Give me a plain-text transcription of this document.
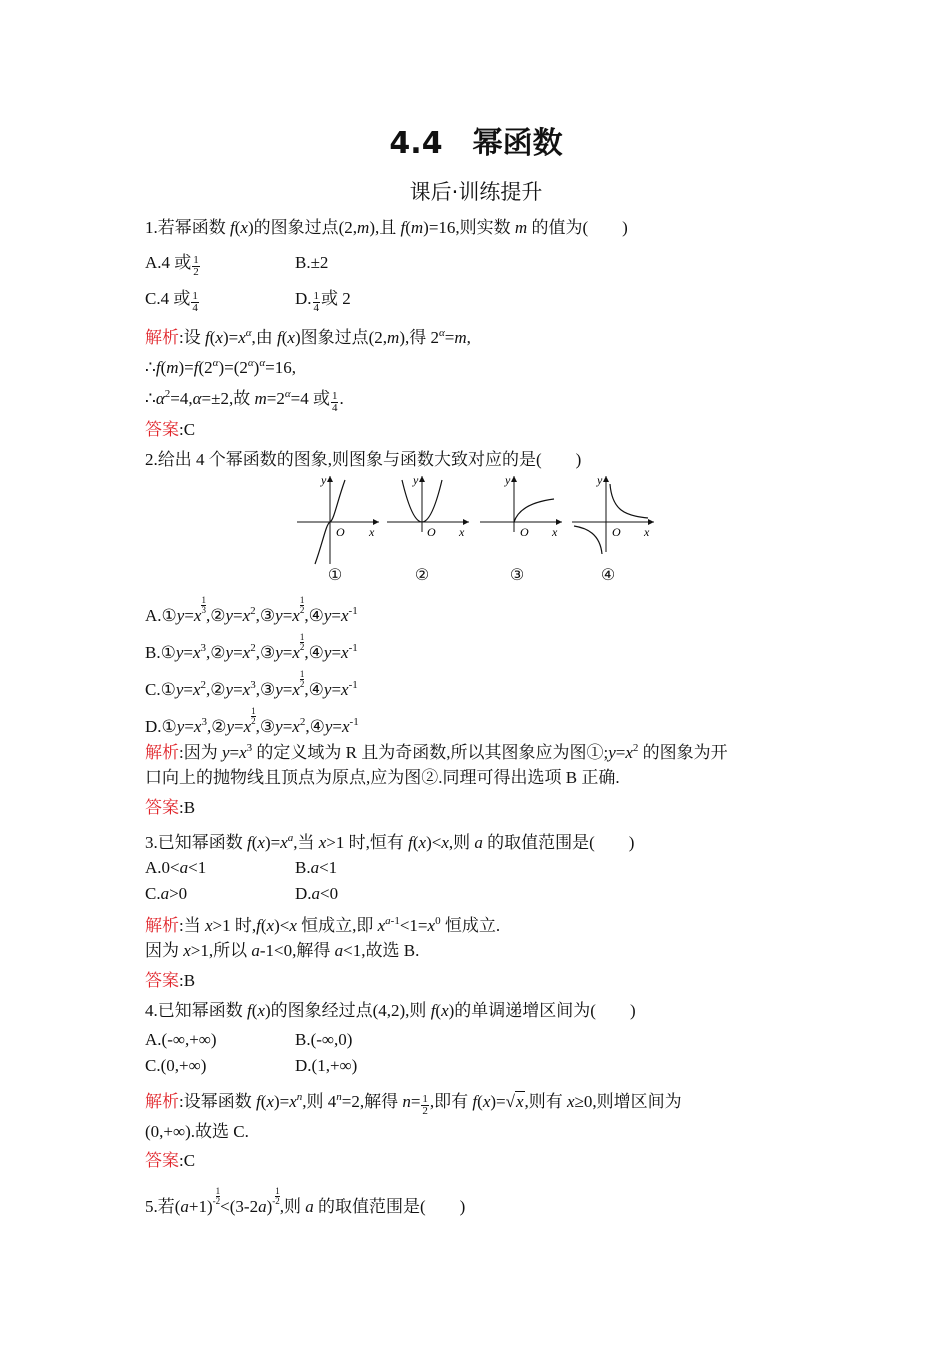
4.4　幂函数
课后·训练提升
1.若幂函数 f(x)的图象过点(2,m),且 f(m)=16,则实数 m 的值为(　　)
A.4 或 $\frac{1}{2}$	B.±2
C.4 或 $\frac{1}{4}$	D. $\frac{1}{4}$ 或 2
解析:设 $f(x)=x^\alpha$,由 f(x)图象过点(2,m),得 $2^\alpha=m$,
$\therefore f(m)=f(2^\alpha)=(2^\alpha)^\alpha=16$,
$\therefore\alpha^2=4,\alpha=\pm 2$,故 $m=2^\alpha=4$ 或 $\frac{1}{4}$ .
答案:C
2.给出 4 个幂函数的图象,则图象与函数大致对应的是(　　)
y
O x
y
O x
y
O x
y
O x
①	②	③	④
A.①y=x
$\frac{1}{3}$
$,②y=x^2,③y=x$
$\frac{1}{2}$
$,④y=x^{-1}$
$B.①y=x^3,②y=x^2,③y=x$
$\frac{1}{2}$
$,④y=x^{-1}$
$C.①y=x^2,②y=x^3,③y=x$
$\frac{1}{2}$
$,④y=x^{-1}$
$D.①y=x^3,②y=x$
$\frac{1}{2}$
$,③y=x^2,④y=x^{-1}$
解析:因为 $y=x^3$ 的定义域为 R 且为奇函数,所以其图象应为图$①;y=x^2$ 的图象为开
口向上的抛物线且顶点为原点,应为图②.同理可得出选项 B 正确.
答案:B
3.已知幂函数 $f(x)=x^a$,当 x>1 时,恒有 f(x)<x,则 a 的取值范围是(　　)
A.0<a<1	B.a<1
C.a>0	D.a<0
解析:当 x>1 时,f(x)<x 恒成立,即 $x^{a-1}<1=x^0$ 恒成立.
因为 x>1,所以 a-1<0,解得 a<1,故选 B.
答案:B
4.已知幂函数 f(x)的图象经过点(4,2),则 f(x)的单调递增区间为(　　)
A.(-∞,+∞)	B.(-∞,0)
C.(0,+∞)	D.(1,+∞)
解析:设幂函数 $f(x)=x^n$,则 $4^n=2$,解得 $n= \frac{1}{2}$ ,即有 f(x)=√x,则有 x≥0,则增区间为
(0,+∞).故选 C.
答案:C
5.若$(a+1)- \frac{1}{2}$
$<(3-2a)- \frac{1}{2}$
,则 a 的取值范围是(　　)
